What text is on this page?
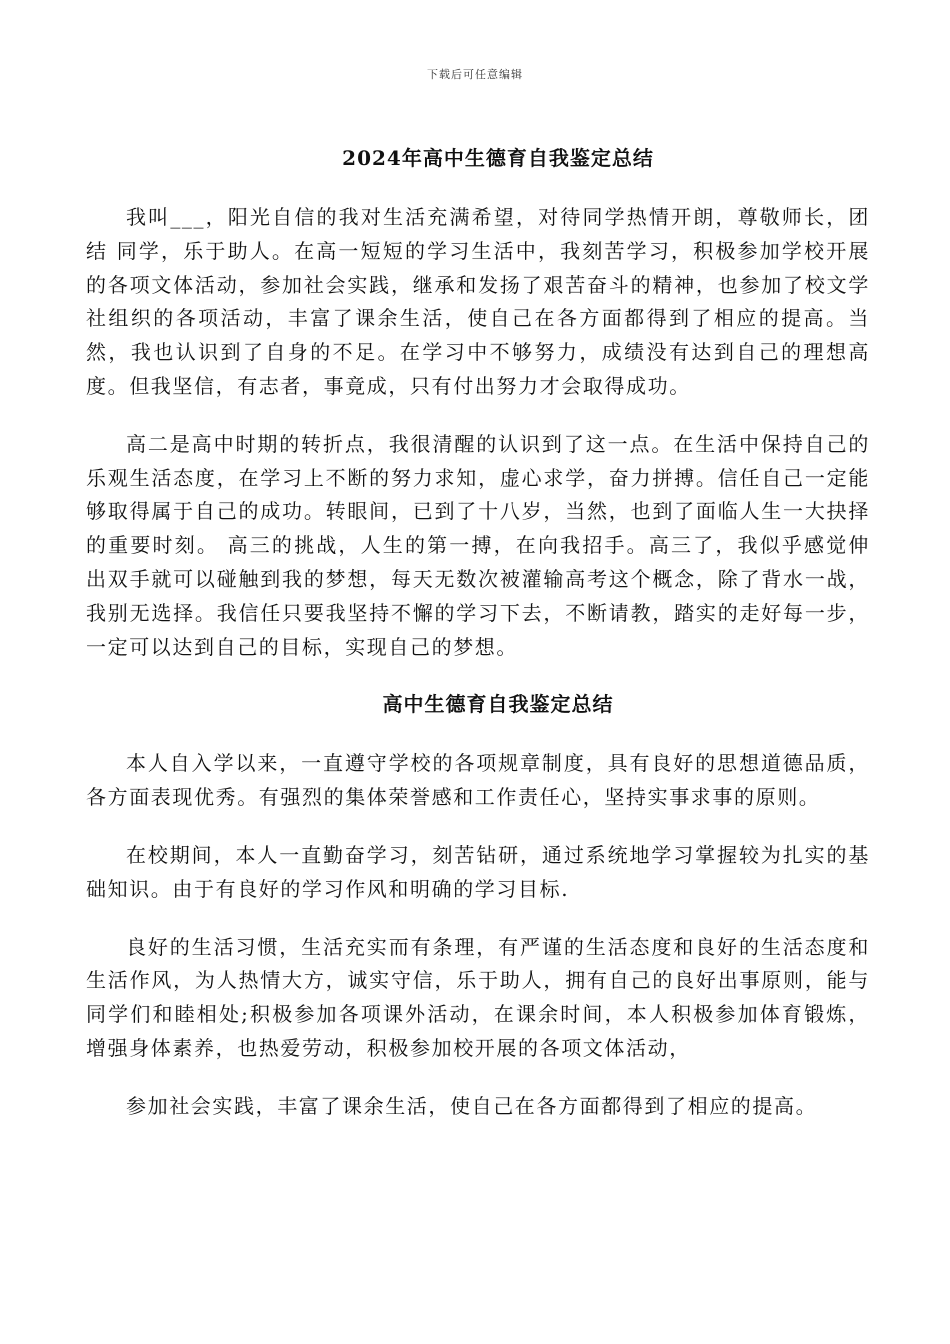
下载后可任意编辑
2024年高中生德育自我鉴定总结

我叫___，阳光自信的我对生活充满希望，对待同学热情开朗，尊敬师长，团结 同学，乐于助人。在高一短短的学习生活中，我刻苦学习，积极参加学校开展的各项文体活动，参加社会实践，继承和发扬了艰苦奋斗的精神，也参加了校文学社组织的各项活动，丰富了课余生活，使自己在各方面都得到了相应的提高。当然，我也认识到了自身的不足。在学习中不够努力，成绩没有达到自己的理想高度。但我坚信，有志者，事竟成，只有付出努力才会取得成功。

高二是高中时期的转折点，我很清醒的认识到了这一点。在生活中保持自己的乐观生活态度，在学习上不断的努力求知，虚心求学，奋力拼搏。信任自己一定能够取得属于自己的成功。转眼间，已到了十八岁，当然，也到了面临人生一大抉择的重要时刻。 高三的挑战，人生的第一搏，在向我招手。高三了，我似乎感觉伸出双手就可以碰触到我的梦想，每天无数次被灌输高考这个概念，除了背水一战，我别无选择。我信任只要我坚持不懈的学习下去，不断请教，踏实的走好每一步，一定可以达到自己的目标，实现自己的梦想。

高中生德育自我鉴定总结

本人自入学以来，一直遵守学校的各项规章制度，具有良好的思想道德品质，各方面表现优秀。有强烈的集体荣誉感和工作责任心，坚持实事求事的原则。

在校期间，本人一直勤奋学习，刻苦钻研，通过系统地学习掌握较为扎实的基础知识。由于有良好的学习作风和明确的学习目标.

良好的生活习惯，生活充实而有条理，有严谨的生活态度和良好的生活态度和生活作风，为人热情大方，诚实守信，乐于助人，拥有自己的良好出事原则，能与同学们和睦相处;积极参加各项课外活动，在课余时间，本人积极参加体育锻炼，增强身体素养，也热爱劳动，积极参加校开展的各项文体活动，

参加社会实践，丰富了课余生活，使自己在各方面都得到了相应的提高。
